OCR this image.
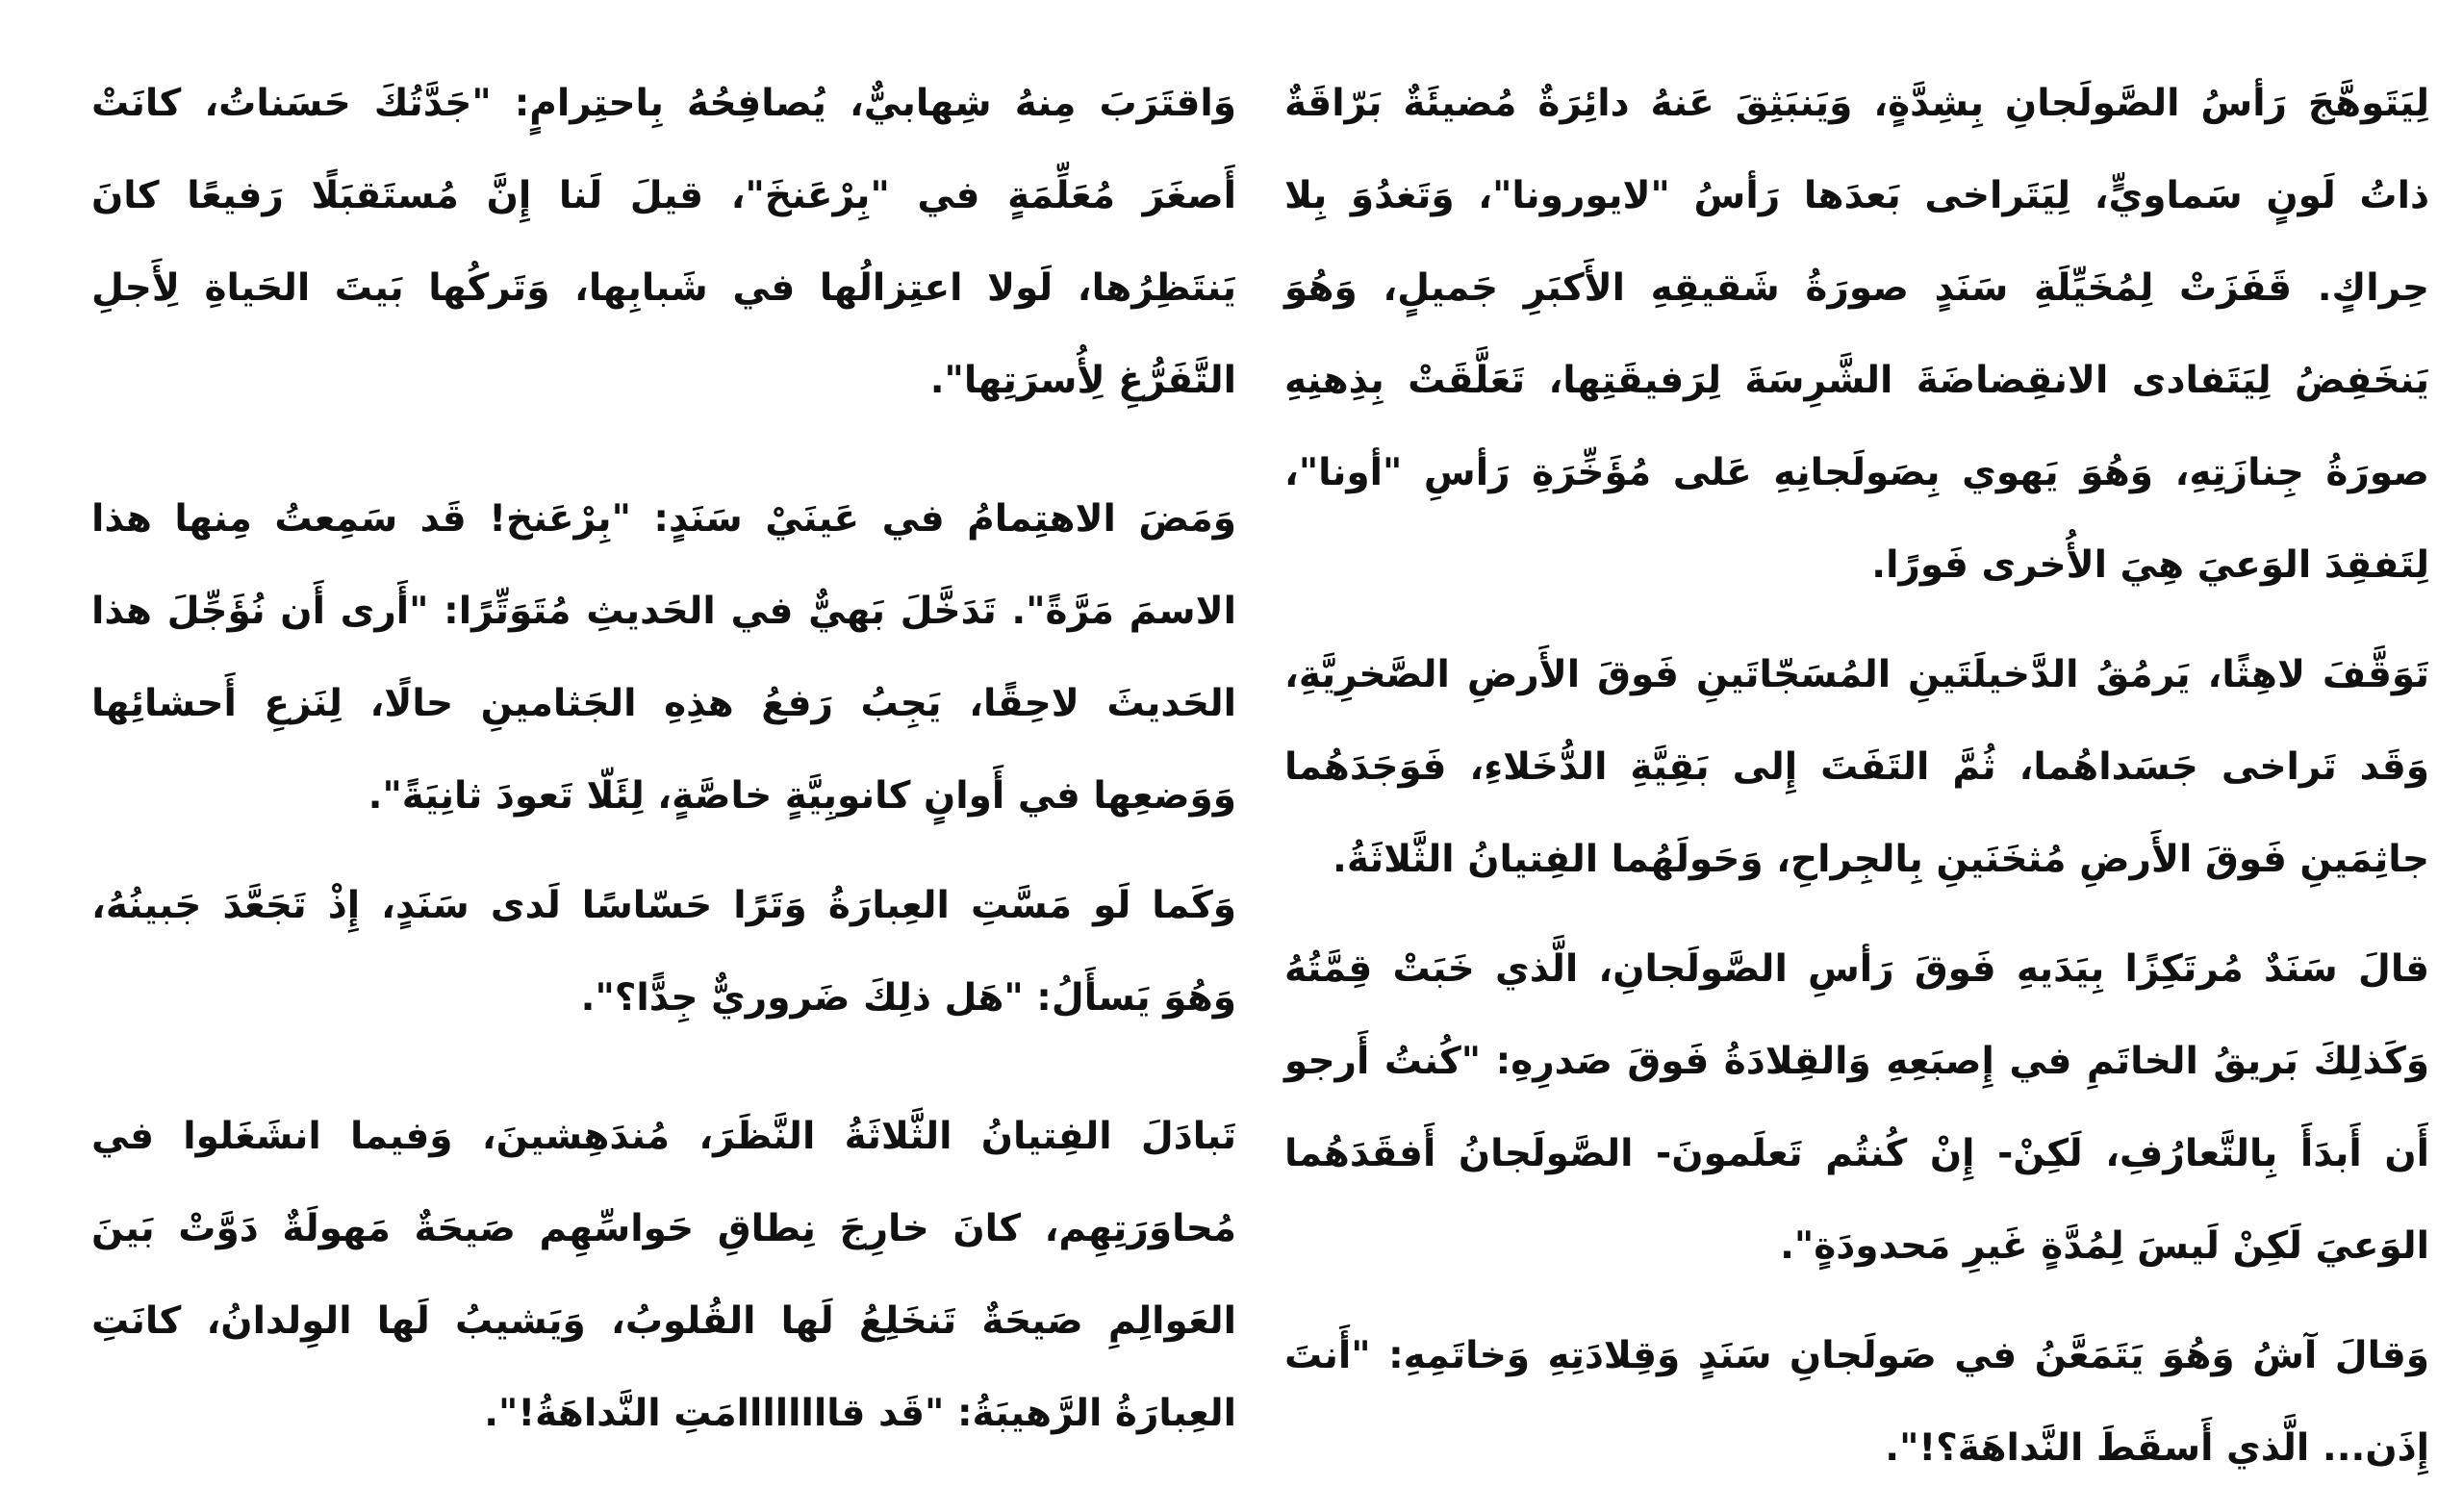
لِيَتَوهَّجَ رَأسُ الصَّولَجانِ بِشِدَّةٍ، وَيَنبَثِقَ عَنهُ دائِرَةٌ مُضيئَةٌ بَرّاقَةٌ ذاتُ لَونٍ سَماويٍّ، لِيَتَراخى بَعدَها رَأسُ "لايورونا"، وَتَغدُوَ بِلا حِراكٍ. قَفَزَتْ لِمُخَيِّلَةِ سَنَدٍ صورَةُ شَقيقِهِ الأَكبَرِ جَميلٍ، وَهُوَ يَنخَفِضُ لِيَتَفادى الانقِضاضَةَ الشَّرِسَةَ لِرَفيقَتِها، تَعَلَّقَتْ بِذِهنِهِ صورَةُ جِنازَتِهِ، وَهُوَ يَهوي بِصَولَجانِهِ عَلى مُؤَخِّرَةِ رَأسِ "أونا"، لِتَفقِدَ الوَعيَ هِيَ الأُخرى فَورًا.

تَوَقَّفَ لاهِثًا، يَرمُقُ الدَّخيلَتَينِ المُسَجّاتَينِ فَوقَ الأَرضِ الصَّخرِيَّةِ، وَقَد تَراخى جَسَداهُما، ثُمَّ التَفَتَ إِلى بَقِيَّةِ الدُّخَلاءِ، فَوَجَدَهُما جاثِمَينِ فَوقَ الأَرضِ مُثخَنَينِ بِالجِراحِ، وَحَولَهُما الفِتيانُ الثَّلاثَةُ.

قالَ سَنَدٌ مُرتَكِزًا بِيَدَيهِ فَوقَ رَأسِ الصَّولَجانِ، الَّذي خَبَتْ قِمَّتُهُ وَكَذلِكَ بَريقُ الخاتَمِ في إِصبَعِهِ وَالقِلادَةُ فَوقَ صَدرِهِ: "كُنتُ أَرجو أَن أَبدَأَ بِالتَّعارُفِ، لَكِنْ- إِنْ كُنتُم تَعلَمونَ- الصَّولَجانُ أَفقَدَهُما الوَعيَ لَكِنْ لَيسَ لِمُدَّةٍ غَيرِ مَحدودَةٍ".

وَقالَ آشُ وَهُوَ يَتَمَعَّنُ في صَولَجانِ سَنَدٍ وَقِلادَتِهِ وَخاتَمِهِ: "أَنتَ إِذَن... الَّذي أَسقَطَ النَّداهَةَ؟!".

وَاقتَرَبَ مِنهُ شِهابيٌّ، يُصافِحُهُ بِاحتِرامٍ: "جَدَّتُكَ حَسَناتُ، كانَتْ أَصغَرَ مُعَلِّمَةٍ في "بِرْعَنخَ"، قيلَ لَنا إِنَّ مُستَقبَلًا رَفيعًا كانَ يَنتَظِرُها، لَولا اعتِزالُها في شَبابِها، وَتَركُها بَيتَ الحَياةِ لِأَجلِ التَّفَرُّغِ لِأُسرَتِها".

وَمَضَ الاهتِمامُ في عَينَيْ سَنَدٍ: "بِرْعَنخ! قَد سَمِعتُ مِنها هذا الاسمَ مَرَّةً". تَدَخَّلَ بَهيٌّ في الحَديثِ مُتَوَتِّرًا: "أَرى أَن نُؤَجِّلَ هذا الحَديثَ لاحِقًا، يَجِبُ رَفعُ هذِهِ الجَثامينِ حالًا، لِنَزعِ أَحشائِها وَوَضعِها في أَوانٍ كانوبِيَّةٍ خاصَّةٍ، لِئَلّا تَعودَ ثانِيَةً".

وَكَما لَو مَسَّتِ العِبارَةُ وَتَرًا حَسّاسًا لَدى سَنَدٍ، إِذْ تَجَعَّدَ جَبينُهُ، وَهُوَ يَسأَلُ: "هَل ذلِكَ ضَروريٌّ جِدًّا؟".

تَبادَلَ الفِتيانُ الثَّلاثَةُ النَّظَرَ، مُندَهِشينَ، وَفيما انشَغَلوا في مُحاوَرَتِهِم، كانَ خارِجَ نِطاقِ حَواسِّهِم صَيحَةٌ مَهولَةٌ دَوَّتْ بَينَ العَوالِمِ صَيحَةٌ تَنخَلِعُ لَها القُلوبُ، وَيَشيبُ لَها الوِلدانُ، كانَتِ العِبارَةُ الرَّهيبَةُ: "قَد قاااااااامَتِ النَّداهَةُ!".
